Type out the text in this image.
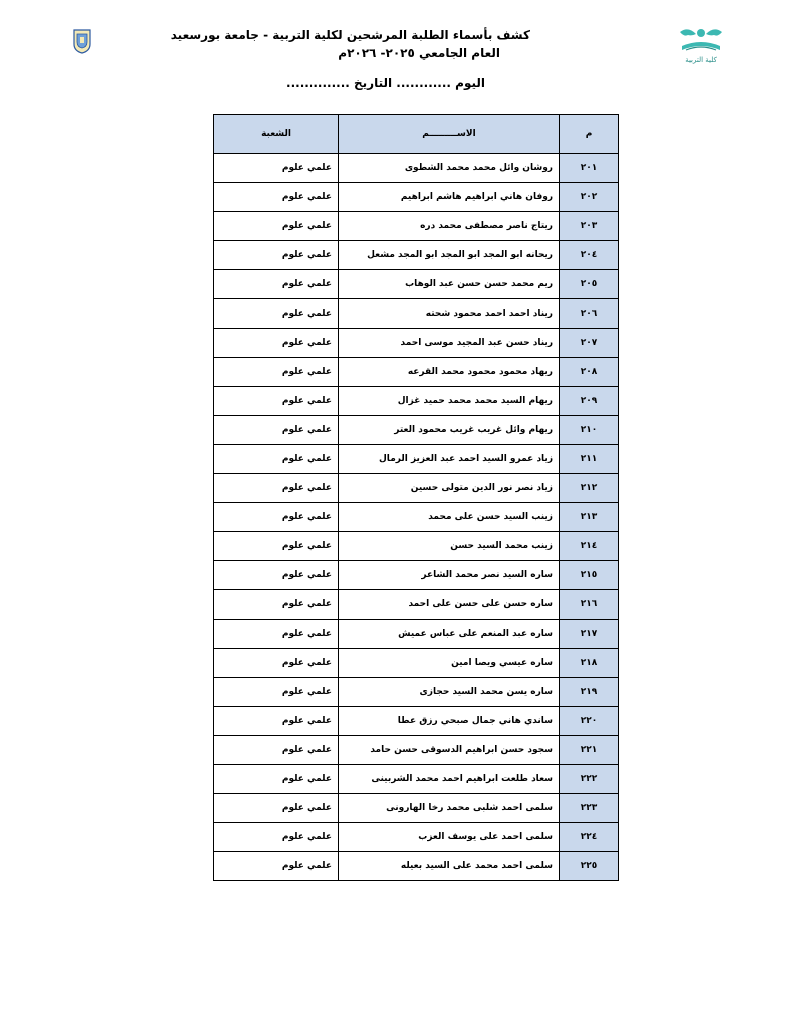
كلية التربية
كشف بأسماء الطلبة المرشحين لكلية التربية - جامعة بورسعيد
العام الجامعي ٢٠٢٥- ٢٠٢٦م
اليوم ............ التاريخ ..............
م	الاســـــــــم	الشعبة
٢٠١	روشان وائل محمد محمد الشطوى	علمي علوم
٢٠٢	روفان هاني ابراهيم هاشم ابراهيم	علمي علوم
٢٠٣	ريتاج ناصر مصطفى محمد دره	علمي علوم
٢٠٤	ريحانه ابو المجد ابو المجد ابو المجد مشعل	علمي علوم
٢٠٥	ريم محمد حسن حسن عبد الوهاب	علمي علوم
٢٠٦	ريناد احمد احمد محمود شحته	علمي علوم
٢٠٧	ريناد حسن عبد المجيد موسى احمد	علمي علوم
٢٠٨	ريهاد محمود محمود محمد القرعه	علمي علوم
٢٠٩	ريهام السيد محمد محمد حميد غزال	علمي علوم
٢١٠	ريهام وائل غريب غريب محمود العتر	علمي علوم
٢١١	زياد عمرو السيد احمد عبد العزيز الرمال	علمي علوم
٢١٢	زياد نصر نور الدين متولى حسين	علمي علوم
٢١٣	زينب السيد حسن على محمد	علمي علوم
٢١٤	زينب محمد السيد حسن	علمي علوم
٢١٥	ساره السيد نصر محمد الشاعر	علمي علوم
٢١٦	ساره حسن على حسن على احمد	علمي علوم
٢١٧	ساره عبد المنعم على عباس عميش	علمي علوم
٢١٨	ساره عيسي ويصا امين	علمي علوم
٢١٩	ساره يسن محمد السيد حجازى	علمي علوم
٢٢٠	ساندي هاني جمال صبحي رزق عطا	علمي علوم
٢٢١	سجود حسن ابراهيم الدسوقى حسن حامد	علمي علوم
٢٢٢	سعاد طلعت ابراهيم احمد محمد الشربينى	علمي علوم
٢٢٣	سلمى احمد شلبى محمد رخا الهارونى	علمي علوم
٢٢٤	سلمى احمد على يوسف العزب	علمي علوم
٢٢٥	سلمى احمد محمد على السيد بعيله	علمي علوم
